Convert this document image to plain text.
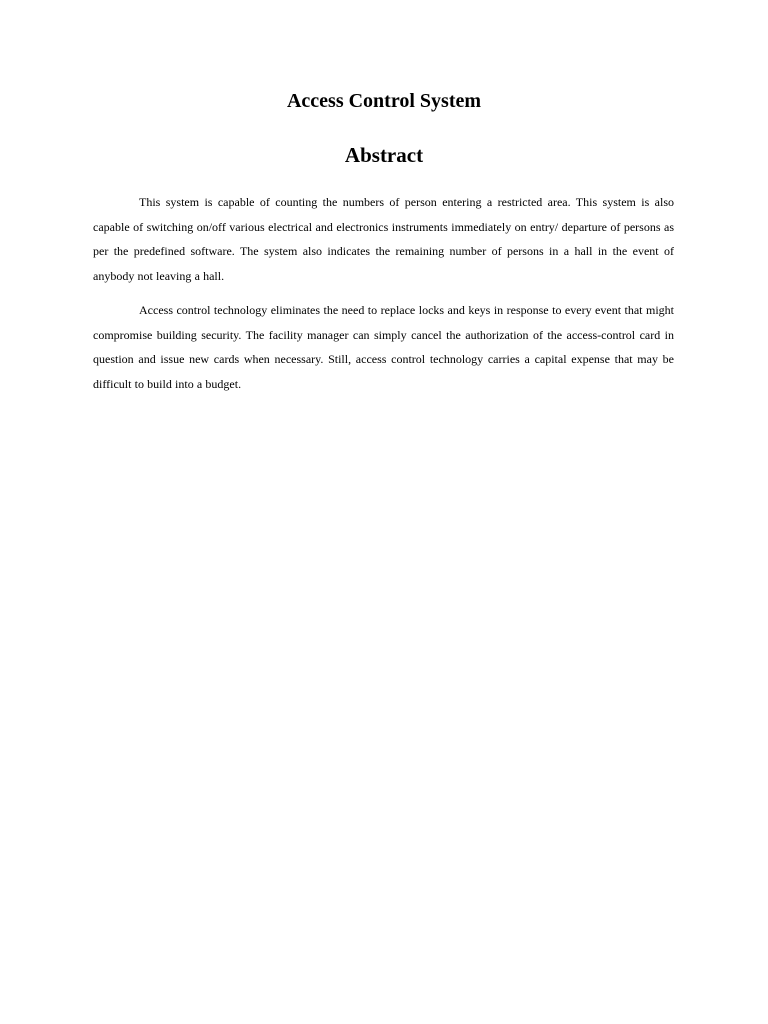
Access Control System
Abstract

This system is capable of counting the numbers of person entering a restricted area. This system is also capable of switching on/off various electrical and electronics instruments immediately on entry/ departure of persons as per the predefined software. The system also indicates the remaining number of persons in a hall in the event of anybody not leaving a hall.

Access control technology eliminates the need to replace locks and keys in response to every event that might compromise building security. The facility manager can simply cancel the authorization of the access-control card in question and issue new cards when necessary. Still, access control technology carries a capital expense that may be difficult to build into a budget.
